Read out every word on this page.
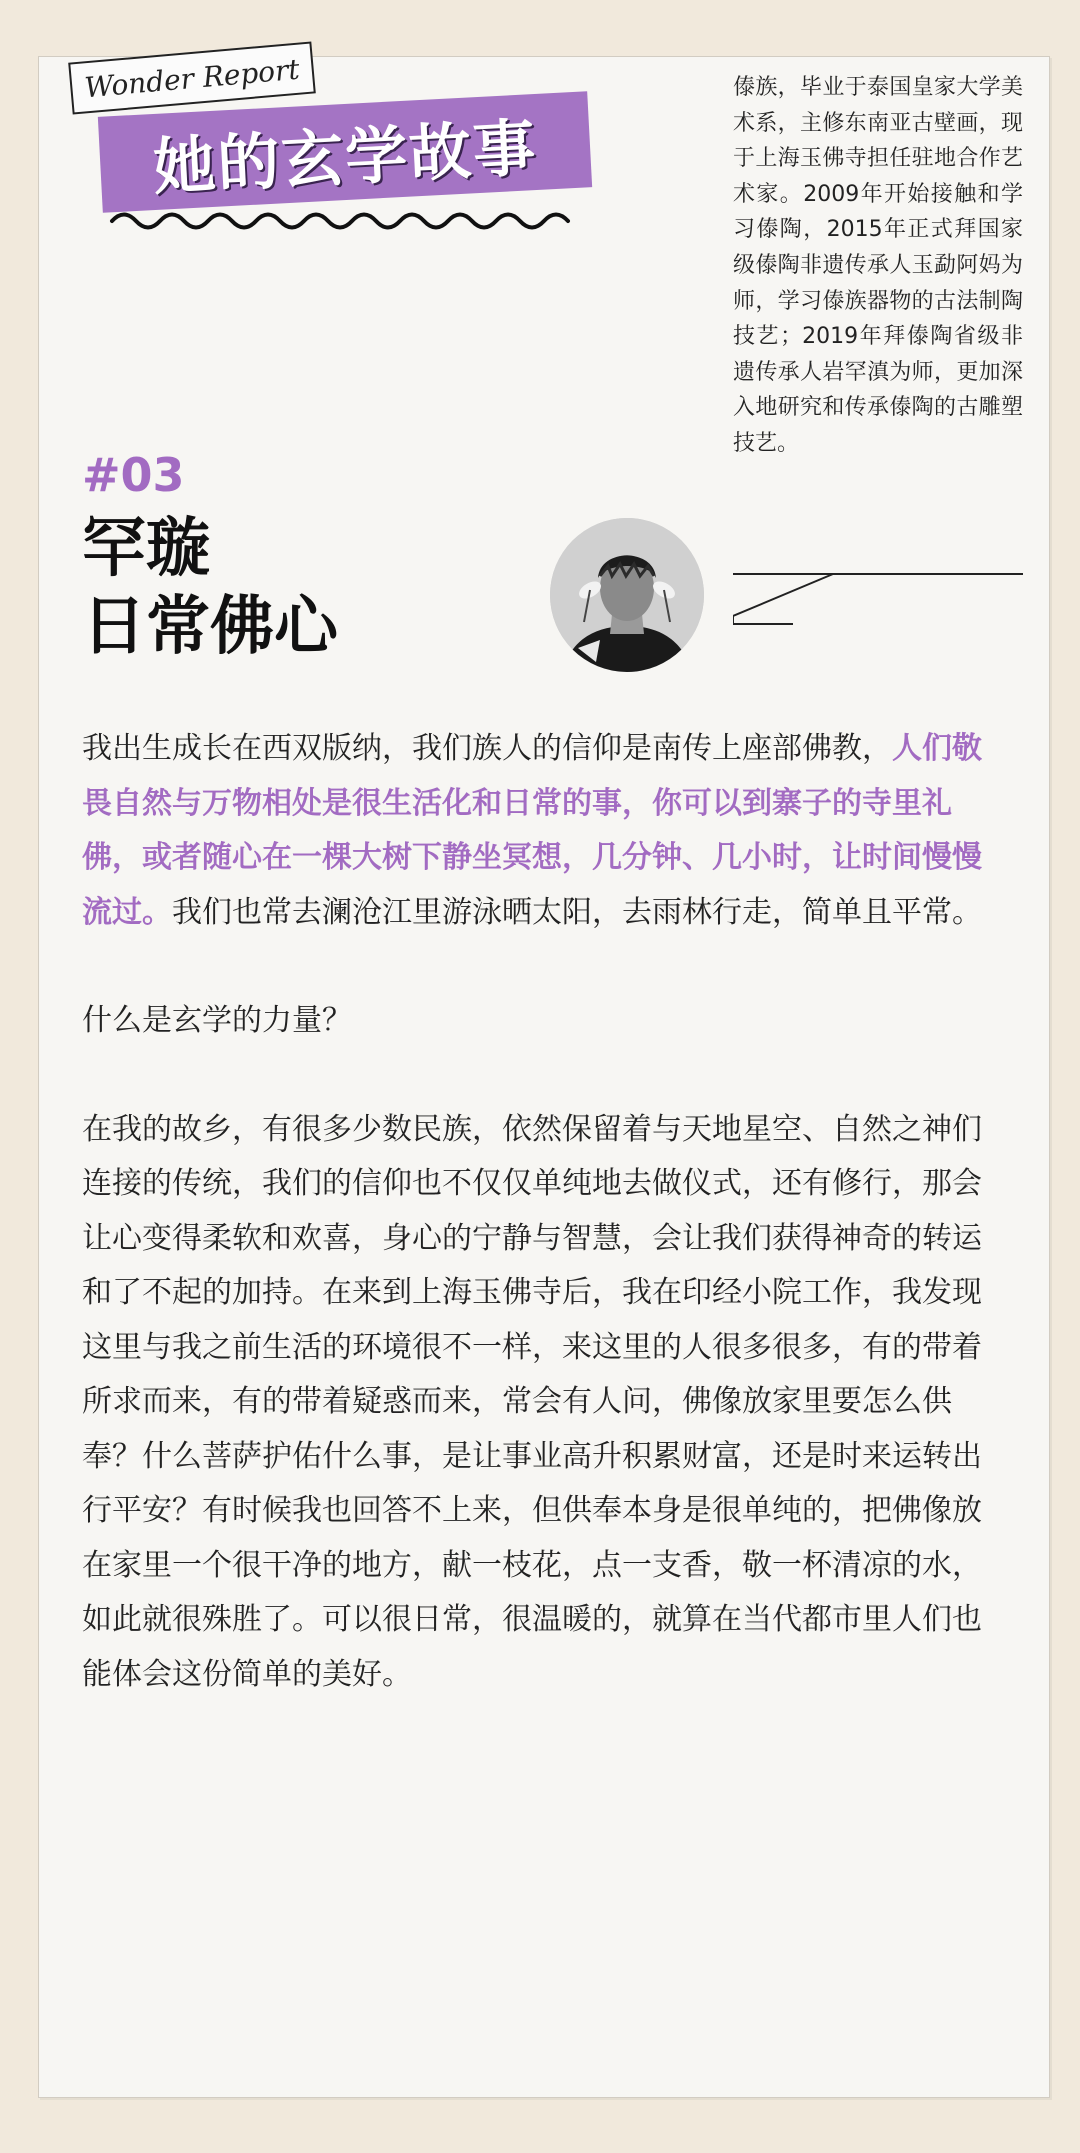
Wonder Report
她的玄学故事
傣族，毕业于泰国皇家大学美术系，主修东南亚古壁画，现于上海玉佛寺担任驻地合作艺术家。2009年开始接触和学习傣陶，2015年正式拜国家级傣陶非遗传承人玉勐阿妈为师，学习傣族器物的古法制陶技艺；2019年拜傣陶省级非遗传承人岩罕滇为师，更加深入地研究和传承傣陶的古雕塑技艺。
#03
罕璇
日常佛心

我出生成长在西双版纳，我们族人的信仰是南传上座部佛教，人们敬畏自然与万物相处是很生活化和日常的事，你可以到寨子的寺里礼佛，或者随心在一棵大树下静坐冥想，几分钟、几小时，让时间慢慢流过。我们也常去澜沧江里游泳晒太阳，去雨林行走，简单且平常。

什么是玄学的力量？

在我的故乡，有很多少数民族，依然保留着与天地星空、自然之神们连接的传统，我们的信仰也不仅仅单纯地去做仪式，还有修行，那会让心变得柔软和欢喜，身心的宁静与智慧，会让我们获得神奇的转运和了不起的加持。在来到上海玉佛寺后，我在印经小院工作，我发现这里与我之前生活的环境很不一样，来这里的人很多很多，有的带着所求而来，有的带着疑惑而来，常会有人问，佛像放家里要怎么供奉？什么菩萨护佑什么事，是让事业高升积累财富，还是时来运转出行平安？有时候我也回答不上来，但供奉本身是很单纯的，把佛像放在家里一个很干净的地方，献一枝花，点一支香，敬一杯清凉的水，如此就很殊胜了。可以很日常，很温暖的，就算在当代都市里人们也能体会这份简单的美好。
